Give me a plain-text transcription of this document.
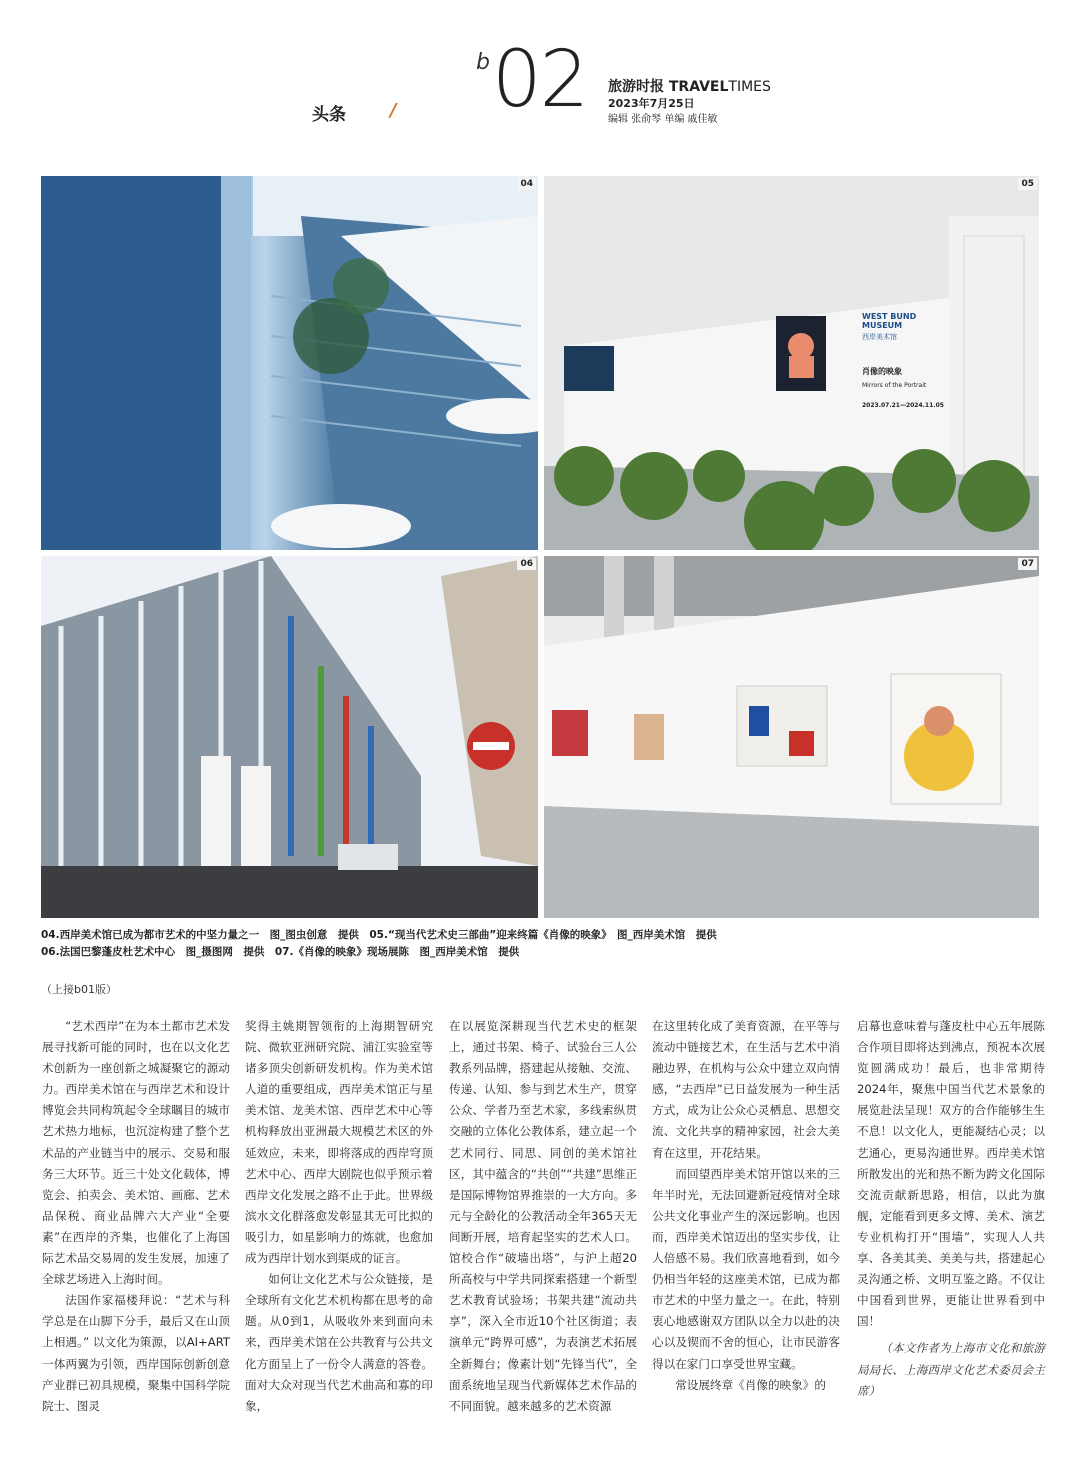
头条 /
b 02 旅游时报 TRAVELTIMES
2023年7月25日
编辑 张俞琴 单编 戚佳敏
04
WEST BUND MUSEUM
西岸美术馆
肖像的映象
Mirrors of the Portrait
2023.07.21—2024.11.05
05
06	07
04.西岸美术馆已成为都市艺术的中坚力量之一　图_图虫创意　提供　05.“现当代艺术史三部曲”迎来终篇《肖像的映象》　图_西岸美术馆　提供
06.法国巴黎蓬皮杜艺术中心　图_摄图网　提供　07.《肖像的映象》现场展陈　图_西岸美术馆　提供
（上接b01版）

“艺术西岸”在为本土都市艺术发展寻找新可能的同时，也在以文化艺术创新为一座创新之城凝聚它的源动力。西岸美术馆在与西岸艺术和设计博览会共同构筑起令全球瞩目的城市艺术热力地标，也沉淀构建了整个艺术品的产业链当中的展示、交易和服务三大环节。近三十处文化载体，博览会、拍卖会、美术馆、画廊、艺术品保税、商业品牌六大产业“全要素”在西岸的齐集，也催化了上海国际艺术品交易周的发生发展，加速了全球艺场进入上海时间。

法国作家福楼拜说：“艺术与科学总是在山脚下分手，最后又在山顶上相遇。” 以文化为策源，以AI+ART一体两翼为引领，西岸国际创新创意产业群已初具规模，聚集中国科学院院士、图灵

奖得主姚期智领衔的上海期智研究院、微软亚洲研究院、浦江实验室等诸多顶尖创新研发机构。作为美术馆人道的重要组成，西岸美术馆正与星美术馆、龙美术馆、西岸艺术中心等机构释放出亚洲最大规模艺术区的外延效应，未来，即将落成的西岸穹顶艺术中心、西岸大剧院也似乎预示着西岸文化发展之路不止于此。世界级滨水文化群落愈发彰显其无可比拟的吸引力，如星影响力的炼就，也愈加成为西岸计划水到渠成的证言。

如何让文化艺术与公众链接，是全球所有文化艺术机构都在思考的命题。从0到1，从吸收外来到面向未来，西岸美术馆在公共教育与公共文化方面呈上了一份令人满意的答卷。面对大众对现当代艺术曲高和寡的印象，

在以展览深耕现当代艺术史的框架上，通过书架、椅子、试验台三人公教系列品牌，搭建起从接触、交流、传递、认知、参与到艺术生产，贯穿公众、学者乃至艺术家，多线索纵贯交融的立体化公教体系，建立起一个艺术同行、同思、同创的美术馆社区，其中蕴含的“共创”“共建”思维正是国际博物馆界推崇的一大方向。多元与全龄化的公教活动全年365天无间断开展，培育起坚实的艺术人口。馆校合作“破墙出塔”，与沪上超20所高校与中学共同探索搭建一个新型艺术教育试验场；书架共建“流动共享”，深入全市近10个社区街道；表演单元“跨界可感”，为表演艺术拓展全新舞台；像素计划“先锋当代”，全面系统地呈现当代新媒体艺术作品的不同面貌。越来越多的艺术资源

在这里转化成了美育资源，在平等与流动中链接艺术，在生活与艺术中消融边界，在机构与公众中建立双向情感，“去西岸”已日益发展为一种生活方式，成为让公众心灵栖息、思想交流、文化共享的精神家园，社会大美育在这里，开花结果。

而回望西岸美术馆开馆以来的三年半时光，无法回避新冠疫情对全球公共文化事业产生的深远影响。也因而，西岸美术馆迈出的坚实步伐，让人倍感不易。我们欣喜地看到，如今仍相当年轻的这座美术馆，已成为都市艺术的中坚力量之一。在此，特别衷心地感谢双方团队以全力以赴的决心以及锲而不舍的恒心，让市民游客得以在家门口享受世界宝藏。

常设展终章《肖像的映象》的

启幕也意味着与蓬皮杜中心五年展陈合作项目即将达到沸点，预祝本次展览圆满成功！最后，也非常期待2024年，聚焦中国当代艺术景象的展览赴法呈现！双方的合作能够生生不息！以文化人，更能凝结心灵；以艺通心，更易沟通世界。西岸美术馆所散发出的光和热不断为跨文化国际交流贡献新思路，相信，以此为旗舰，定能看到更多文博、美术、演艺专业机构打开“围墙”，实现人人共享、各美其美、美美与共，搭建起心灵沟通之桥、文明互鉴之路。不仅让中国看到世界，更能让世界看到中国！

（本文作者为上海市文化和旅游局局长、上海西岸文化艺术委员会主席）
